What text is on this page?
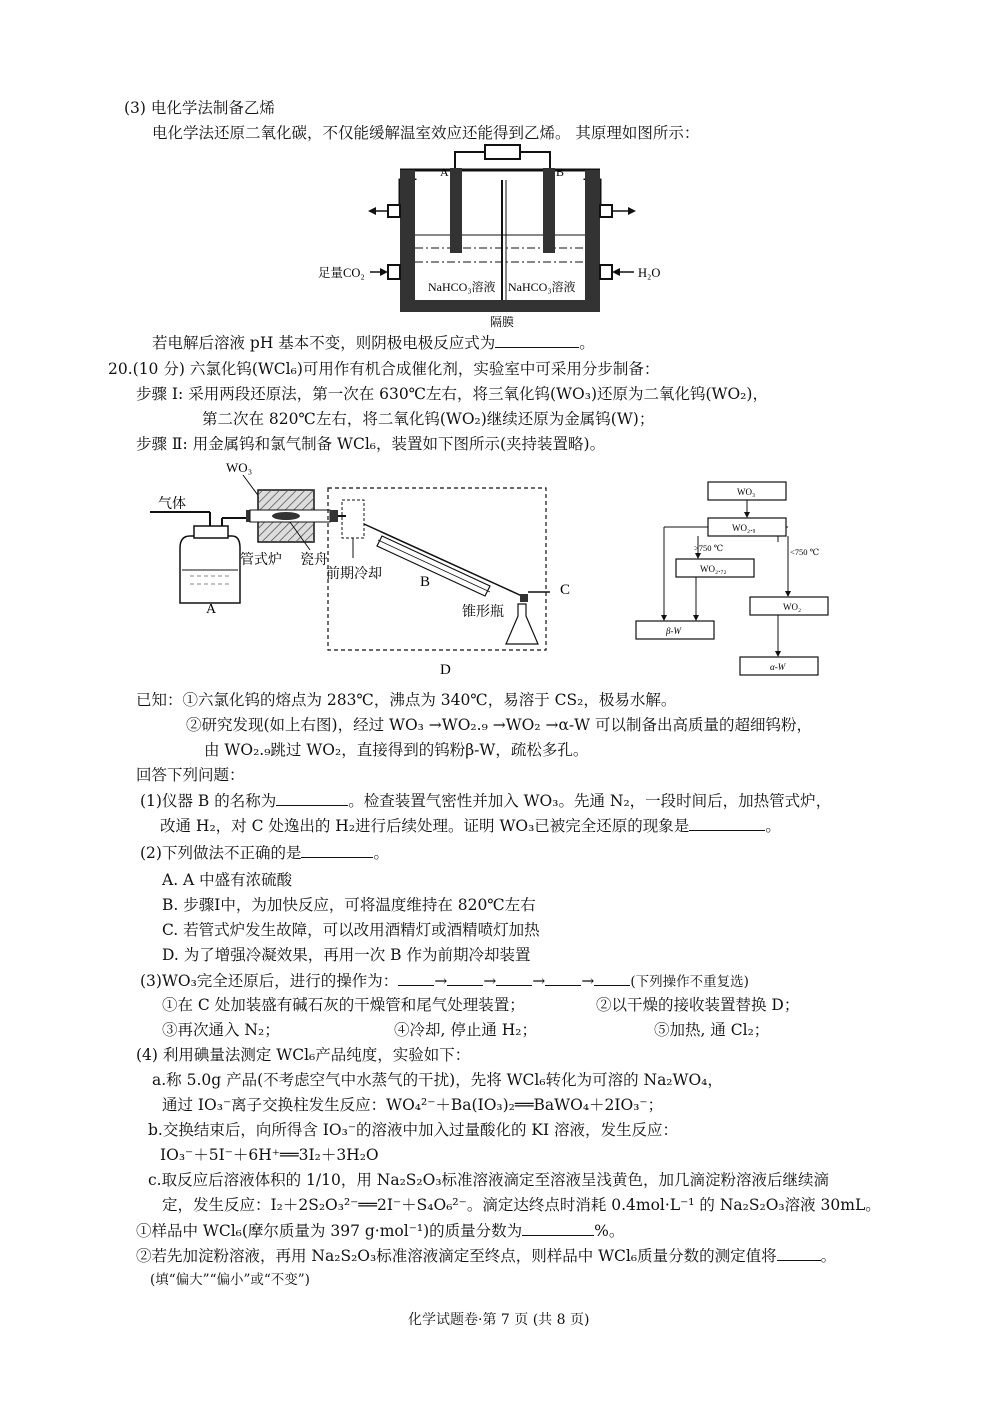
(3) 电化学法制备乙烯
电化学法还原二氧化碳，不仅能缓解温室效应还能得到乙烯。 其原理如图所示：
A	B
足量CO₂	H₂O
NaHCO₃溶液 NaHCO₃溶液
隔膜
若电解后溶液 pH 基本不变，则阴极电极反应式为	。
20.(10 分) 六氯化钨(WCl₆)可用作有机合成催化剂，实验室中可采用分步制备：
步骤 Ⅰ: 采用两段还原法，第一次在 630℃左右，将三氧化钨(WO₃)还原为二氧化钨(WO₂)，
第二次在 820℃左右，将二氧化钨(WO₂)继续还原为金属钨(W)；
步骤 Ⅱ: 用金属钨和氯气制备 WCl₆，装置如下图所示(夹持装置略)。
WO₃
气体
A
管式炉 瓷舟
前期冷却	B	C
锥形瓶
D
WO₃
WO₂.₉
>750 ℃
WO₂.₇₂
β-W
<750 ℃
WO₂
α-W
已知：①六氯化钨的熔点为 283℃，沸点为 340℃，易溶于 CS₂，极易水解。
②研究发现(如上右图)，经过 WO₃ →WO₂.₉ →WO₂ →α-W 可以制备出高质量的超细钨粉，
由 WO₂.₉跳过 WO₂，直接得到的钨粉β-W，疏松多孔。
回答下列问题：
(1)仪器 B 的名称为	。检查装置气密性并加入 WO₃。先通 N₂，一段时间后，加热管式炉，
改通 H₂，对 C 处逸出的 H₂进行后续处理。证明 WO₃已被完全还原的现象是	。
(2)下列做法不正确的是	。
A. A 中盛有浓硫酸
B. 步骤Ⅰ中，为加快反应，可将温度维持在 820℃左右
C. 若管式炉发生故障，可以改用酒精灯或酒精喷灯加热
D. 为了增强冷凝效果，再用一次 B 作为前期冷却装置
(3)WO₃完全还原后，进行的操作为： → → → →	(下列操作不重复选)
①在 C 处加装盛有碱石灰的干燥管和尾气处理装置；	②以干燥的接收装置替换 D；
③再次通入 N₂；	④冷却, 停止通 H₂；	⑤加热, 通 Cl₂；
(4) 利用碘量法测定 WCl₆产品纯度，实验如下：
a.称 5.0g 产品(不考虑空气中水蒸气的干扰)，先将 WCl₆转化为可溶的 Na₂WO₄，
通过 IO₃⁻离子交换柱发生反应：WO₄²⁻＋Ba(IO₃)₂══BaWO₄＋2IO₃⁻；
b.交换结束后，向所得含 IO₃⁻的溶液中加入过量酸化的 KI 溶液，发生反应：
IO₃⁻＋5I⁻＋6H⁺══3I₂＋3H₂O
c.取反应后溶液体积的 1/10，用 Na₂S₂O₃标准溶液滴定至溶液呈浅黄色，加几滴淀粉溶液后继续滴
定，发生反应：I₂＋2S₂O₃²⁻══2I⁻＋S₄O₆²⁻。滴定达终点时消耗 0.4mol·L⁻¹ 的 Na₂S₂O₃溶液 30mL。
①样品中 WCl₆(摩尔质量为 397 g·mol⁻¹)的质量分数为	%。
②若先加淀粉溶液，再用 Na₂S₂O₃标准溶液滴定至终点，则样品中 WCl₆质量分数的测定值将	。
(填“偏大”“偏小”或“不变”)
化学试题卷·第 7 页 (共 8 页)
